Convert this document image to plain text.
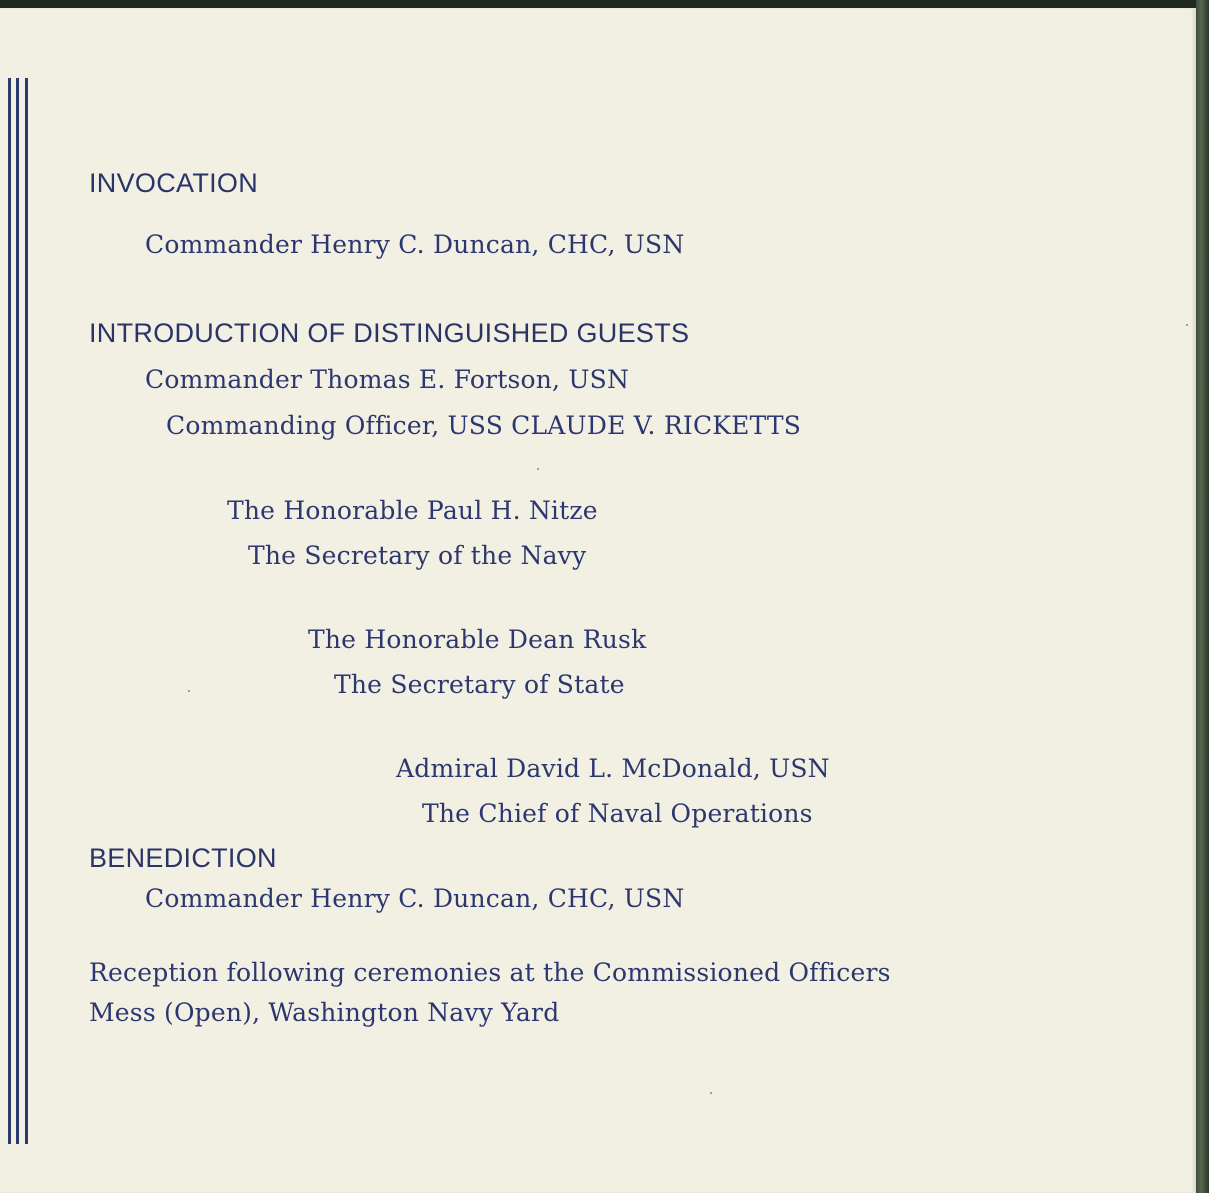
INVOCATION
Commander Henry C. Duncan, CHC, USN
INTRODUCTION OF DISTINGUISHED GUESTS
Commander Thomas E. Fortson, USN
Commanding Officer, USS CLAUDE V. RICKETTS
The Honorable Paul H. Nitze
The Secretary of the Navy
The Honorable Dean Rusk
The Secretary of State
Admiral David L. McDonald, USN
The Chief of Naval Operations
BENEDICTION
Commander Henry C. Duncan, CHC, USN
Reception following ceremonies at the Commissioned Officers
Mess (Open), Washington Navy Yard
